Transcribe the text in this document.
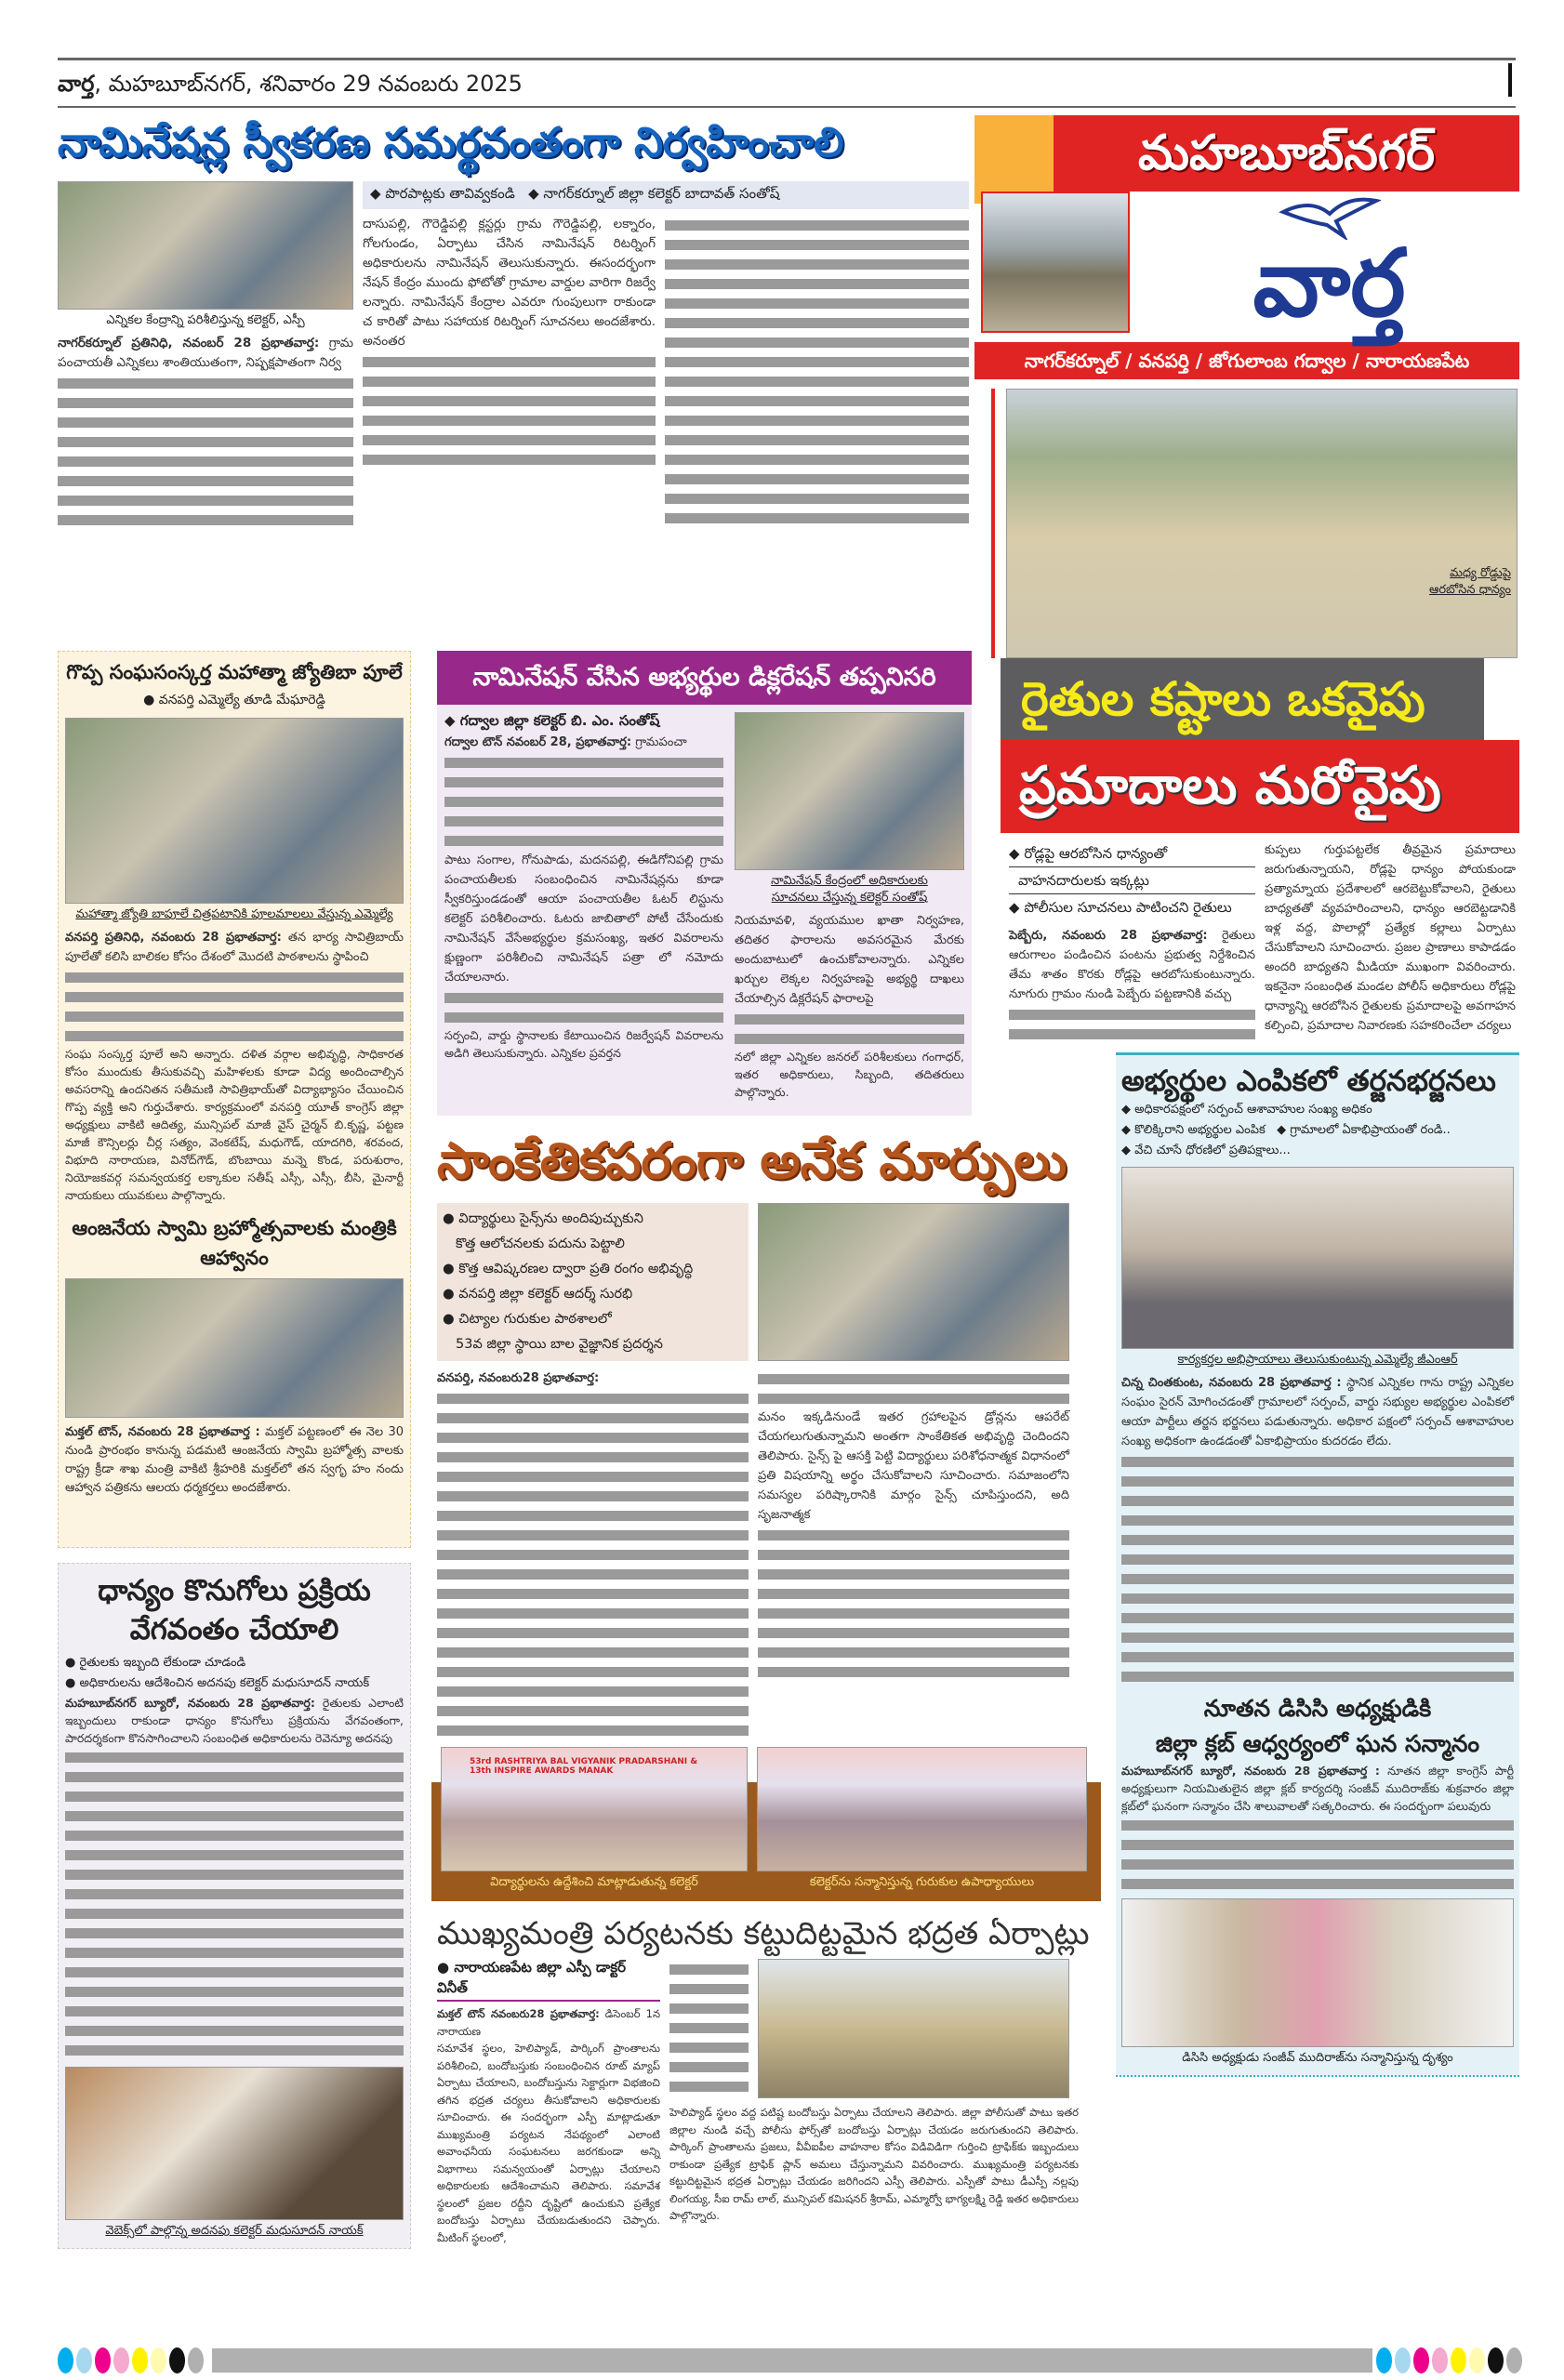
వార్త, మహబూబ్‌నగర్, శనివారం 29 నవంబరు 2025
నామినేషన్ల స్వీకరణ సమర్థవంతంగా నిర్వహించాలి
ఎన్నికల కేంద్రాన్ని పరిశీలిస్తున్న కలెక్టర్, ఎస్పీ
నాగర్‌కర్నూల్ ప్రతినిధి, నవంబర్ 28 ప్రభాతవార్త: గ్రామ పంచాయతీ ఎన్నికలు శాంతియుతంగా, నిష్పక్షపాతంగా నిర్వ
◆ పొరపాట్లకు తావివ్వకండి   ◆ నాగర్‌కర్నూల్ జిల్లా కలెక్టర్ బాదావత్ సంతోష్
దాసుపల్లి, గౌరెడ్డిపల్లి క్లస్టర్లు గ్రామ గౌరెడ్డిపల్లి, లక్నారం, గోలగుండం, ఏర్పాటు చేసిన నామినేషన్ రిటర్నింగ్ అధికారులను నామినేషన్ తెలుసుకున్నారు. ఈసందర్భంగా నేషన్ కేంద్రం ముందు ఫోటోతో గ్రామాల వార్డుల వారిగా రిజర్వే లన్నారు. నామినేషన్ కేంద్రాల ఎవరూ గుంపులుగా రాకుండా చ కారితో పాటు సహాయక రిటర్నింగ్ సూచనలు అందజేశారు. అనంతర
మహబూబ్‌నగర్
వార్త
నాగర్‌కర్నూల్ / వనపర్తి / జోగులాంబ గద్వాల / నారాయణపేట
మధ్య రోడ్డుపై ఆరబోసిన ధాన్యం
రైతుల కష్టాలు ఒకవైపు
ప్రమాదాలు మరోవైపు
◆ రోడ్లపై ఆరబోసిన ధాన్యంతో
వాహనదారులకు ఇక్కట్లు
◆ పోలీసుల సూచనలు పాటించని రైతులు
పెబ్బేరు, నవంబరు 28 ప్రభాతవార్త: రైతులు ఆరుగాలం పండించిన పంటను ప్రభుత్వ నిర్దేశించిన తేమ శాతం కొరకు రోడ్లపై ఆరబోసుకుంటున్నారు. నూగురు గ్రామం నుండి పెబ్బేరు పట్టణానికి వచ్చు
కుప్పలు గుర్తుపట్టలేక తీవ్రమైన ప్రమాదాలు జరుగుతున్నాయని, రోడ్లపై ధాన్యం పోయకుండా ప్రత్యామ్నాయ ప్రదేశాలలో ఆరబెట్టుకోవాలని, రైతులు బాధ్యతతో వ్యవహరించాలని, ధాన్యం ఆరబెట్టడానికి ఇళ్ల వద్ద, పొలాల్లో ప్రత్యేక కల్లాలు ఏర్పాటు చేసుకోవాలని సూచించారు. ప్రజల ప్రాణాలు కాపాడడం అందరి బాధ్యతని మీడియా ముఖంగా వివరించారు. ఇకనైనా సంబంధిత మండల పోలీస్ అధికారులు రోడ్లపై ధాన్యాన్ని ఆరబోసిన రైతులకు ప్రమాదాలపై అవగాహన కల్పించి, ప్రమాదాల నివారణకు సహకరించేలా చర్యలు
అభ్యర్థుల ఎంపికలో తర్జనభర్జనలు
◆ అధికారపక్షంలో సర్పంచ్ ఆశావాహుల సంఖ్య అధికం
◆ కొలిక్కిరాని అభ్యర్థుల ఎంపిక   ◆ గ్రామాలలో ఏకాభిప్రాయంతో రండి..
◆ వేచి చూసే ధోరణిలో ప్రతిపక్షాలు...
కార్యకర్తల అభిప్రాయాలు తెలుసుకుంటున్న ఎమ్మెల్యే జీఎంఆర్
చిన్న చింతకుంట, నవంబరు 28 ప్రభాతవార్త : స్థానిక ఎన్నికల గాను రాష్ట్ర ఎన్నికల సంఘం సైరన్ మోగించడంతో గ్రామాలలో సర్పంచ్, వార్డు సభ్యుల అభ్యర్థుల ఎంపికలో ఆయా పార్టీలు తర్జన భర్జనలు పడుతున్నారు. అధికార పక్షంలో సర్పంచ్ ఆశావాహుల సంఖ్య అధికంగా ఉండడంతో ఏకాభిప్రాయం కుదరడం లేదు.
నూతన డిసిసి అధ్యక్షుడికి
జిల్లా క్లబ్ ఆధ్వర్యంలో ఘన సన్మానం
మహబూబ్‌నగర్ బ్యూరో, నవంబరు 28 ప్రభాతవార్త : నూతన జిల్లా కాంగ్రెస్ పార్టీ అధ్యక్షులుగా నియమితులైన జిల్లా క్లబ్ కార్యదర్శి సంజీవ్ ముదిరాజ్‌కు శుక్రవారం జిల్లా క్లబ్‌లో ఘనంగా సన్మానం చేసి శాలువాలతో సత్కరించారు. ఈ సందర్భంగా పలువురు
డిసిసి అధ్యక్షుడు సంజీవ్ ముదిరాజ్‌ను సన్మానిస్తున్న దృశ్యం
గొప్ప సంఘసంస్కర్త మహాత్మా జ్యోతిబా పూలే
● వనపర్తి ఎమ్మెల్యే తూడి మేఘారెడ్డి
మహాత్మా జ్యోతి బాపూలే చిత్రపటానికి పూలమాలలు వేస్తున్న ఎమ్మెల్యే
వనపర్తి ప్రతినిధి, నవంబరు 28 ప్రభాతవార్త: తన భార్య సావిత్రిబాయ్ పూలేతో కలిసి బాలికల కోసం దేశంలో మొదటి పాఠశాలను స్థాపించి
సంఘ సంస్కర్త పూలే అని అన్నారు. దళిత వర్గాల అభివృద్ధి, సాధికారత కోసం ముందుకు తీసుకువచ్చి మహిళలకు కూడా విద్య అందించాల్సిన అవసరాన్ని ఉందనితన సతీమణి సావిత్రిభాయ్‌తో విద్యాభ్యాసం చేయించిన గొప్ప వ్యక్తి అని గుర్తుచేశారు. కార్యక్రమంలో వనపర్తి యూత్ కాంగ్రెస్ జిల్లా అధ్యక్షులు వాకిటి ఆదిత్య, మున్సిపల్ మాజీ వైస్ చైర్మన్ బి.కృష్ణ, పట్టణ మాజీ కౌన్సిలర్లు చీర్ల సత్యం, వెంకటేష్, మధుగౌడ్, యాదగిరి, శరవంద, విభూది నారాయణ, వినోద్‌గౌడ్, బొంబాయి మన్నె కొండ, పరుశురాం, నియోజకవర్గ సమన్వయకర్త లక్కాకుల సతీష్ ఎస్సీ, ఎస్సీ, బీసి, మైనార్టీ నాయకులు యువకులు పాల్గొన్నారు.
ఆంజనేయ స్వామి బ్రహ్మోత్సవాలకు మంత్రికి ఆహ్వానం
మక్తల్ టౌన్, నవంబరు 28 ప్రభాతవార్త : మక్తల్ పట్టణంలో ఈ నెల 30 నుండి ప్రారంభం కానున్న పడమటి ఆంజనేయ స్వామి బ్రహ్మోత్స వాలకు రాష్ట్ర క్రీడా శాఖ మంత్రి వాకిటి శ్రీహరికి మక్తల్‌లో తన స్వగృ హం నందు ఆహ్వాన పత్రికను ఆలయ ధర్మకర్తలు అందజేశారు.
ధాన్యం కొనుగోలు ప్రక్రియ వేగవంతం చేయాలి
● రైతులకు ఇబ్బంది లేకుండా చూడండి
● అధికారులను ఆదేశించిన అదనపు కలెక్టర్ మధుసూదన్ నాయక్
మహబూబ్‌నగర్ బ్యూరో, నవంబరు 28 ప్రభాతవార్త: రైతులకు ఎలాంటి ఇబ్బందులు రాకుండా ధాన్యం కొనుగోలు ప్రక్రియను వేగవంతంగా, పారదర్శకంగా కొనసాగించాలని సంబంధిత అధికారులను రెవెన్యూ అదనపు
వెబెక్స్‌లో పాల్గొన్న అదనపు కలెక్టర్ మధుసూదన్ నాయక్
నామినేషన్ వేసిన అభ్యర్థుల డిక్లరేషన్ తప్పనిసరి
◆ గద్వాల జిల్లా కలెక్టర్ బి. ఎం. సంతోష్
గద్వాల టౌన్ నవంబర్ 28, ప్రభాతవార్త: గ్రామపంచా
పాటు సంగాల, గోనుపాడు, మదనపల్లి, ఈడిగోనిపల్లి గ్రామ పంచాయతీలకు సంబంధించిన నామినేషన్లను కూడా స్వీకరిస్తుండడంతో ఆయా పంచాయతీల ఓటర్ లిస్టును కలెక్టర్ పరిశీలించారు. ఓటరు జాబితాలో పోటీ చేసేందుకు నామినేషన్ వేసేఅభ్యర్థుల క్రమసంఖ్య, ఇతర వివరాలను క్షుణ్ణంగా పరిశీలించి నామినేషన్ పత్రా లో నమోదు చేయాలనారు.
సర్పంచి, వార్డు స్థానాలకు కేటాయించిన రిజర్వేషన్ వివరాలను అడిగి తెలుసుకున్నారు. ఎన్నికల ప్రవర్తన
నామినేషన్ కేంద్రంలో అధికారులకు
సూచనలు చేస్తున్న కలెక్టర్ సంతోష్
నియమావళి, వ్యయముల ఖాతా నిర్వహణ, తదితర ఫారాలను అవసరమైన మేరకు అందుబాటులో ఉంచుకోవాలన్నారు. ఎన్నికల ఖర్చుల లెక్కల నిర్వహణపై అభ్యర్థి దాఖలు చేయాల్సిన డిక్లరేషన్ ఫారాలపై
నలో జిల్లా ఎన్నికల జనరల్ పరిశీలకులు గంగాధర్, ఇతర అధికారులు, సిబ్బంది, తదితరులు పాల్గొన్నారు.
సాంకేతికపరంగా అనేక మార్పులు
● విద్యార్థులు సైన్స్‌ను అందిపుచ్చుకుని
కొత్త ఆలోచనలకు పదును పెట్టాలి
● కొత్త ఆవిష్కరణల ద్వారా ప్రతి రంగం అభివృద్ధి
● వనపర్తి జిల్లా కలెక్టర్ ఆదర్శ్ సురభి
● చిట్యాల గురుకుల పాఠశాలలో
53వ జిల్లా స్థాయి బాల వైజ్ఞానిక ప్రదర్శన
వనపర్తి, నవంబరు28 ప్రభాతవార్త:
మనం ఇక్కడినుండే ఇతర గ్రహాలపైన డ్రోన్లను ఆపరేట్ చేయగలుగుతున్నామని అంతగా సాంకేతికత అభివృద్ధి చెందిందని తెలిపారు. సైన్స్ పై ఆసక్తి పెట్టి విద్యార్థులు పరిశోధనాత్మక విధానంలో ప్రతి విషయాన్ని అర్థం చేసుకోవాలని సూచించారు. సమాజంలోని సమస్యల పరిష్కారానికి మార్గం సైన్స్ చూపిస్తుందని, అది సృజనాత్మక
53rd RASHTRIYA BAL VIGYANIK PRADARSHANI & 13th INSPIRE AWARDS MANAK
విద్యార్థులను ఉద్దేశించి మాట్లాడుతున్న కలెక్టర్	కలెక్టర్‌ను సన్మానిస్తున్న గురుకుల ఉపాధ్యాయులు
ముఖ్యమంత్రి పర్యటనకు కట్టుదిట్టమైన భద్రత ఏర్పాట్లు
● నారాయణపేట జిల్లా ఎస్పీ డాక్టర్ వినీత్
మక్తల్ టౌన్ నవంబరు28 ప్రభాతవార్త: డిసెంబర్ 1న నారాయణ
సమావేశ స్థలం, హెలిప్యాడ్, పార్కింగ్ ప్రాంతాలను పరిశీలించి, బందోబస్తుకు సంబంధించిన రూట్ మ్యాప్ ఏర్పాటు చేయాలని, బందోబస్తును సెక్టార్లుగా విభజించి తగిన భద్రత చర్యలు తీసుకోవాలని అధికారులకు సూచించారు. ఈ సందర్భంగా ఎస్పీ మాట్లాడుతూ ముఖ్యమంత్రి పర్యటన నేపథ్యంలో ఎలాంటి అవాంఛనీయ సంఘటనలు జరగకుండా అన్ని విభాగాలు సమన్వయంతో ఏర్పాట్లు చేయాలని అధికారులకు ఆదేశించామని తెలిపారు. సమావేశ స్థలంలో ప్రజల రద్దీని దృష్టిలో ఉంచుకుని ప్రత్యేక బందోబస్తు ఏర్పాటు చేయబడుతుందని చెప్పారు. మీటింగ్ స్థలంలో,
హెలిప్యాడ్ స్థలం వద్ద పటిష్ట బందోబస్తు ఏర్పాటు చేయాలని తెలిపారు. జిల్లా పోలీసుతో పాటు ఇతర జిల్లాల నుండి వచ్చే పోలీసు ఫోర్స్‌తో బందోబస్తు ఏర్పాట్లు చేయడం జరుగుతుందని తెలిపారు. పార్కింగ్ ప్రాంతాలను ప్రజలు, వీవీఐపీల వాహనాల కోసం విడివిడిగా గుర్తించి ట్రాఫిక్‌కు ఇబ్బందులు రాకుండా ప్రత్యేక ట్రాఫిక్ ప్లాన్ అమలు చేస్తున్నామని వివరించారు. ముఖ్యమంత్రి పర్యటనకు కట్టుదిట్టమైన భద్రత ఏర్పాట్లు చేయడం జరిగిందని ఎస్పీ తెలిపారు. ఎస్పీతో పాటు డీఎస్పీ నల్లపు లింగయ్య, సీఐ రామ్ లాల్, మున్సిపల్ కమిషనర్ శ్రీరామ్, ఎమ్మార్వో భాగ్యలక్ష్మి రెడ్డి ఇతర అధికారులు పాల్గొన్నారు.
